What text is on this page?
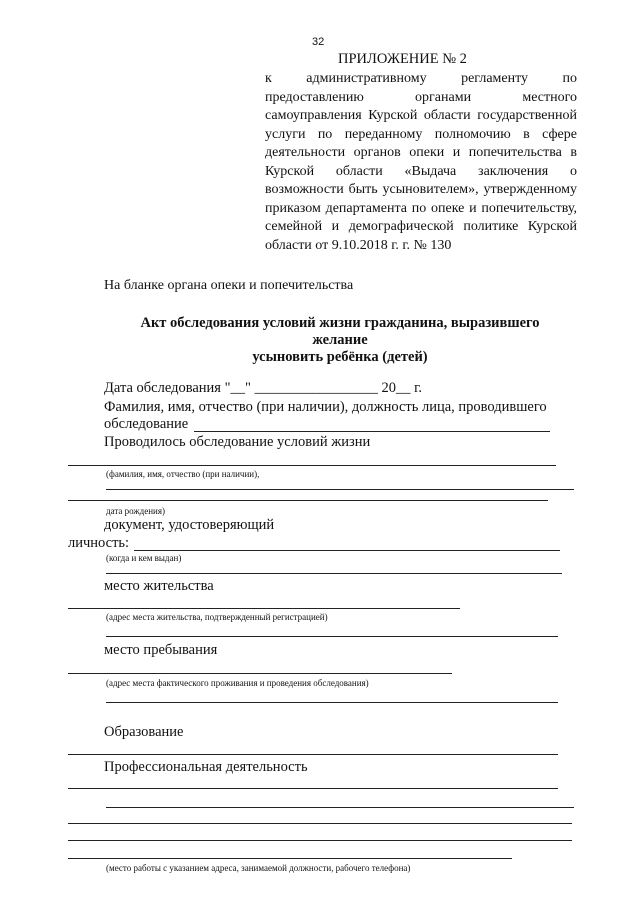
32
ПРИЛОЖЕНИЕ № 2
к административному регламенту по предоставлению органами местного самоуправления Курской области государственной услуги по переданному полномочию в сфере деятельности органов опеки и попечительства в Курской области «Выдача заключения о возможности быть усыновителем», утвержденному приказом департамента по опеке и попечительству, семейной и демографической политике Курской области от 9.10.2018 г. г. № 130
На бланке органа опеки и попечительства
Акт обследования условий жизни гражданина, выразившего
желание
усыновить ребёнка (детей)
Дата обследования "__" _________________ 20__ г.
Фамилия, имя, отчество (при наличии), должность лица, проводившего
обследование
Проводилось обследование условий жизни
(фамилия, имя, отчество (при наличии),
дата рождения)
документ, удостоверяющий
личность:
(когда и кем выдан)
место жительства
(адрес места жительства, подтвержденный регистрацией)
место пребывания
(адрес места фактического проживания и проведения обследования)
Образование
Профессиональная деятельность
(место работы с указанием адреса, занимаемой должности, рабочего телефона)
